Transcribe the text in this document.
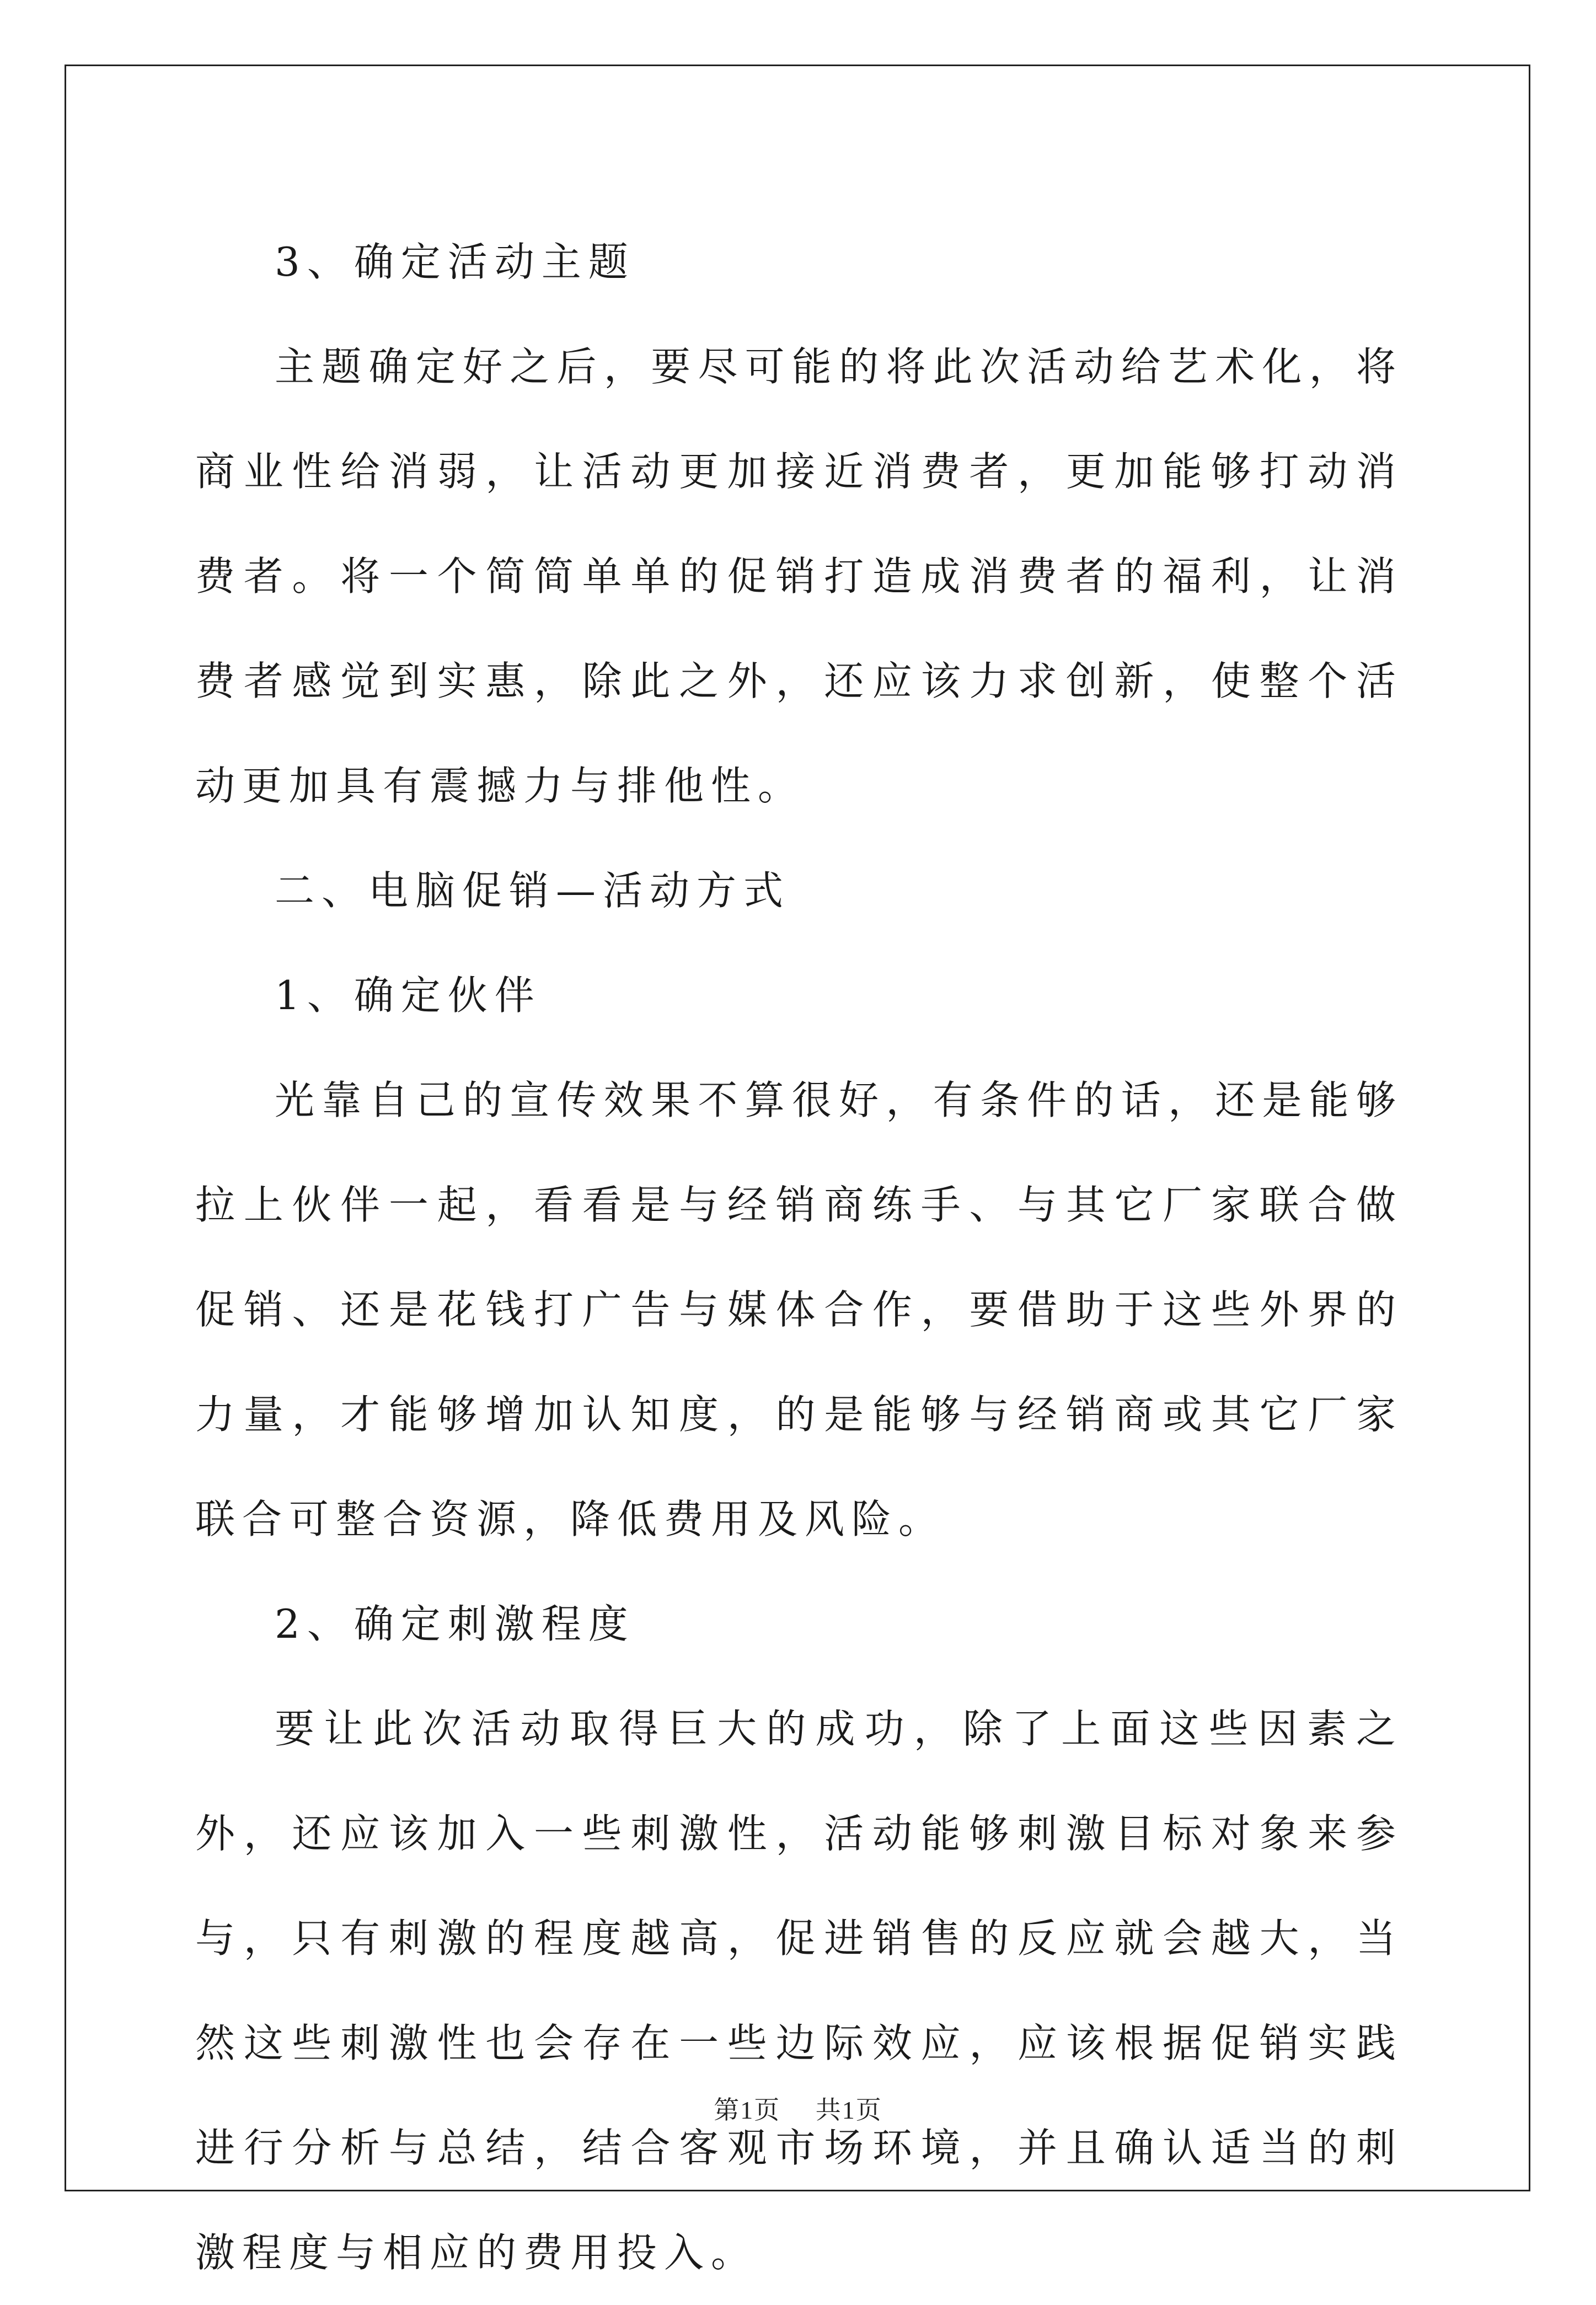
3、确定活动主题

主题确定好之后，要尽可能的将此次活动给艺术化，将商业性给消弱，让活动更加接近消费者，更加能够打动消费者。将一个简简单单的促销打造成消费者的福利，让消费者感觉到实惠，除此之外，还应该力求创新，使整个活动更加具有震撼力与排他性。

二、电脑促销—活动方式

1、确定伙伴

光靠自己的宣传效果不算很好，有条件的话，还是能够拉上伙伴一起，看看是与经销商练手、与其它厂家联合做促销、还是花钱打广告与媒体合作，要借助于这些外界的力量，才能够增加认知度，的是能够与经销商或其它厂家联合可整合资源，降低费用及风险。

2、确定刺激程度

要让此次活动取得巨大的成功，除了上面这些因素之外，还应该加入一些刺激性，活动能够刺激目标对象来参与，只有刺激的程度越高，促进销售的反应就会越大，当然这些刺激性也会存在一些边际效应，应该根据促销实践进行分析与总结，结合客观市场环境，并且确认适当的刺激程度与相应的费用投入。

第1页 共1页
